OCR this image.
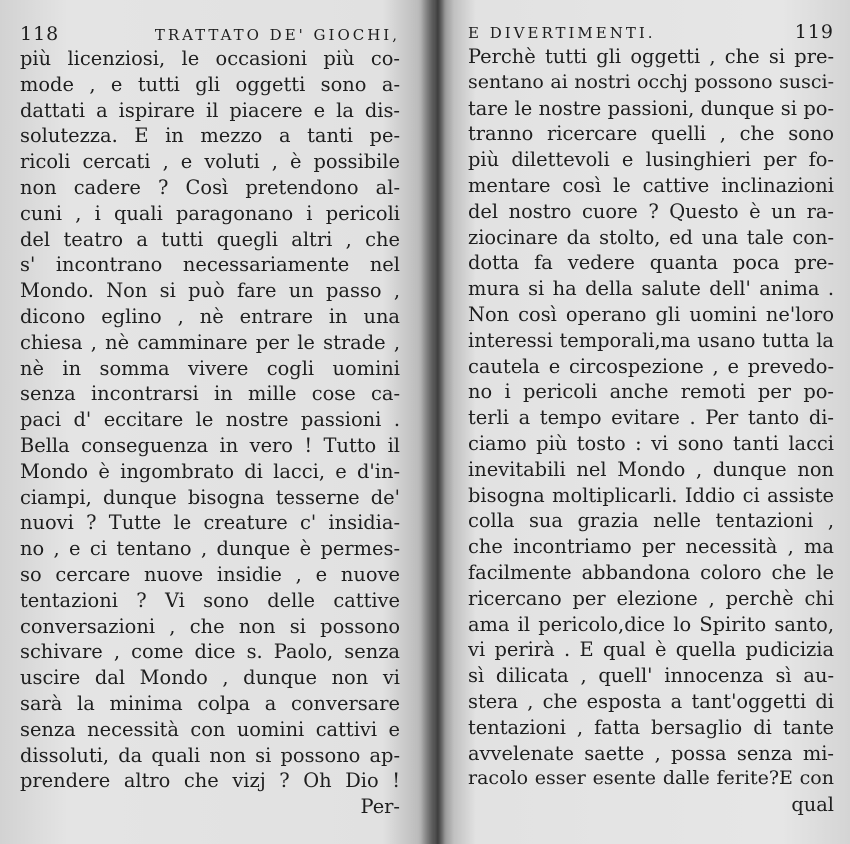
118	TRATTATO DE' GIOCHI,
più licenziosi, le occasioni più co-
mode , e tutti gli oggetti sono a-
dattati a ispirare il piacere e la dis-
solutezza. E in mezzo a tanti pe-
ricoli cercati , e voluti , è possibile
non cadere ? Così pretendono al-
cuni , i quali paragonano i pericoli
del teatro a tutti quegli altri , che
s' incontrano necessariamente nel
Mondo. Non si può fare un passo ,
dicono eglino , nè entrare in una
chiesa , nè camminare per le strade ,
nè in somma vivere cogli uomini
senza incontrarsi in mille cose ca-
paci d' eccitare le nostre passioni .
Bella conseguenza in vero ! Tutto il
Mondo è ingombrato di lacci, e d'in-
ciampi, dunque bisogna tesserne de'
nuovi ? Tutte le creature c' insidia-
no , e ci tentano , dunque è permes-
so cercare nuove insidie , e nuove
tentazioni ? Vi sono delle cattive
conversazioni , che non si possono
schivare , come dice s. Paolo, senza
uscire dal Mondo , dunque non vi
sarà la minima colpa a conversare
senza necessità con uomini cattivi e
dissoluti, da quali non si possono ap-
prendere altro che vizj ? Oh Dio !
Per-
E DIVERTIMENTI.	119
Perchè tutti gli oggetti , che si pre-
sentano ai nostri occhj possono susci-
tare le nostre passioni, dunque si po-
tranno ricercare quelli , che sono
più dilettevoli e lusinghieri per fo-
mentare così le cattive inclinazioni
del nostro cuore ? Questo è un ra-
ziocinare da stolto, ed una tale con-
dotta fa vedere quanta poca pre-
mura si ha della salute dell' anima .
Non così operano gli uomini ne'loro
interessi temporali,ma usano tutta la
cautela e circospezione , e prevedo-
no i pericoli anche remoti per po-
terli a tempo evitare . Per tanto di-
ciamo più tosto : vi sono tanti lacci
inevitabili nel Mondo , dunque non
bisogna moltiplicarli. Iddio ci assiste
colla sua grazia nelle tentazioni ,
che incontriamo per necessità , ma
facilmente abbandona coloro che le
ricercano per elezione , perchè chi
ama il pericolo,dice lo Spirito santo,
vi perirà . E qual è quella pudicizia
sì dilicata , quell' innocenza sì au-
stera , che esposta a tant'oggetti di
tentazioni , fatta bersaglio di tante
avvelenate saette , possa senza mi-
racolo esser esente dalle ferite?E con
qual
